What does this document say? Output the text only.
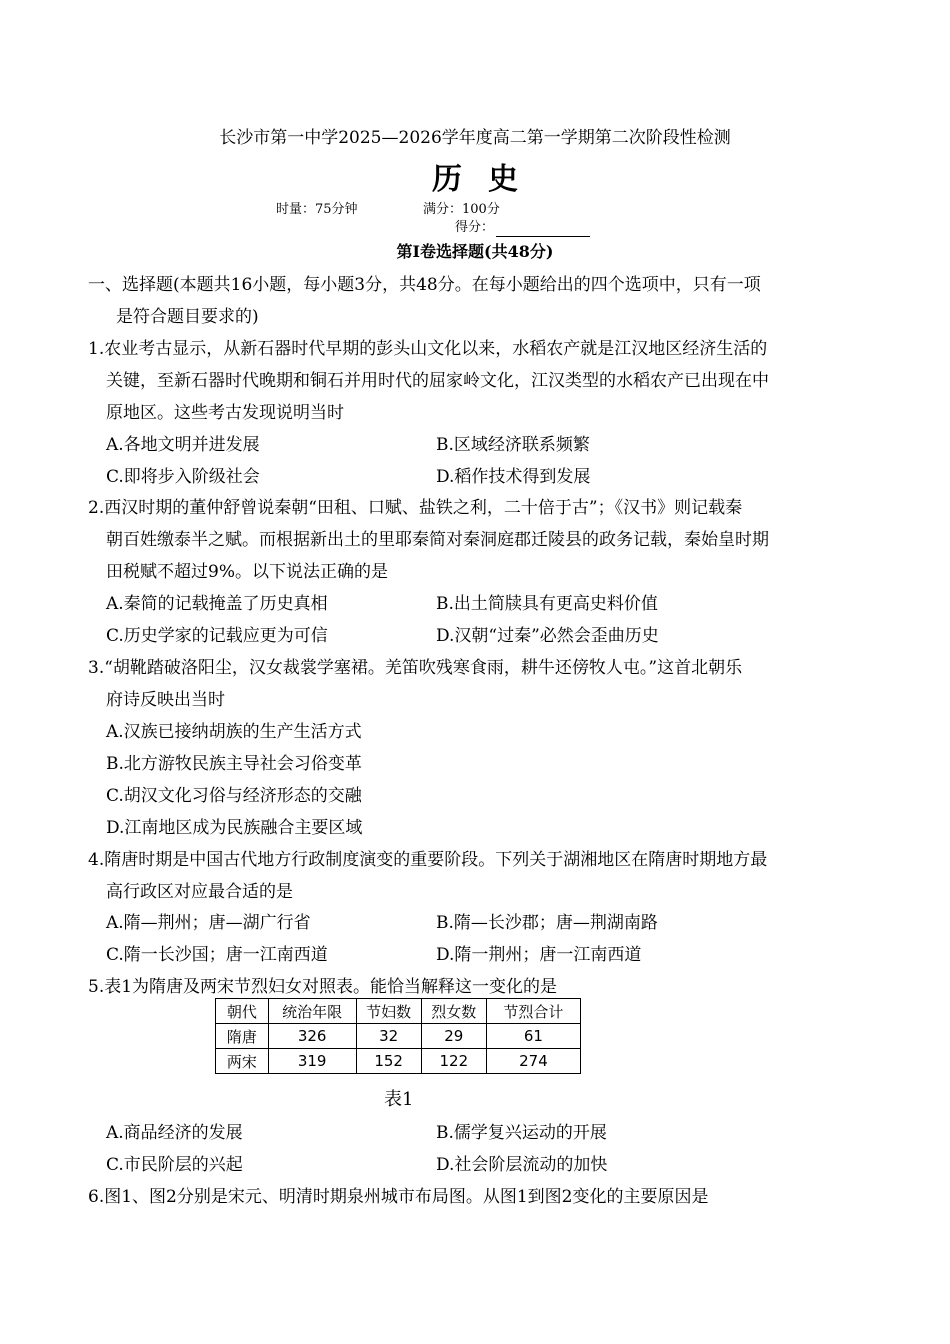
长沙市第一中学2025—2026学年度高二第一学期第二次阶段性检测
历史
时量：75分钟	满分：100分
得分：
第Ⅰ卷选择题(共48分)
一、选择题(本题共16小题，每小题3分，共48分。在每小题给出的四个选项中，只有一项
是符合题目要求的)
1.农业考古显示，从新石器时代早期的彭头山文化以来，水稻农产就是江汉地区经济生活的
关键，至新石器时代晚期和铜石并用时代的屈家岭文化，江汉类型的水稻农产已出现在中
原地区。这些考古发现说明当时
A.各地文明并进发展	B.区域经济联系频繁
C.即将步入阶级社会	D.稻作技术得到发展
2.西汉时期的董仲舒曾说秦朝“田租、口赋、盐铁之利，二十倍于古”；《汉书》则记载秦
朝百姓缴泰半之赋。而根据新出土的里耶秦简对秦洞庭郡迁陵县的政务记载，秦始皇时期
田税赋不超过9%。以下说法正确的是
A.秦简的记载掩盖了历史真相	B.出土简牍具有更高史料价值
C.历史学家的记载应更为可信	D.汉朝“过秦”必然会歪曲历史
3.“胡靴踏破洛阳尘，汉女裁裳学塞裙。羌笛吹残寒食雨，耕牛还傍牧人屯。”这首北朝乐
府诗反映出当时
A.汉族已接纳胡族的生产生活方式
B.北方游牧民族主导社会习俗变革
C.胡汉文化习俗与经济形态的交融
D.江南地区成为民族融合主要区域
4.隋唐时期是中国古代地方行政制度演变的重要阶段。下列关于湖湘地区在隋唐时期地方最
高行政区对应最合适的是
A.隋—荆州；唐—湖广行省	B.隋—长沙郡；唐—荆湖南路
C.隋一长沙国；唐一江南西道	D.隋一荆州；唐一江南西道
5.表1为隋唐及两宋节烈妇女对照表。能恰当解释这一变化的是
朝代	统治年限	节妇数	烈女数	节烈合计
隋唐	326	32	29	61
两宋	319	152	122	274
表1
A.商品经济的发展	B.儒学复兴运动的开展
C.市民阶层的兴起	D.社会阶层流动的加快
6.图1、图2分别是宋元、明清时期泉州城市布局图。从图1到图2变化的主要原因是
